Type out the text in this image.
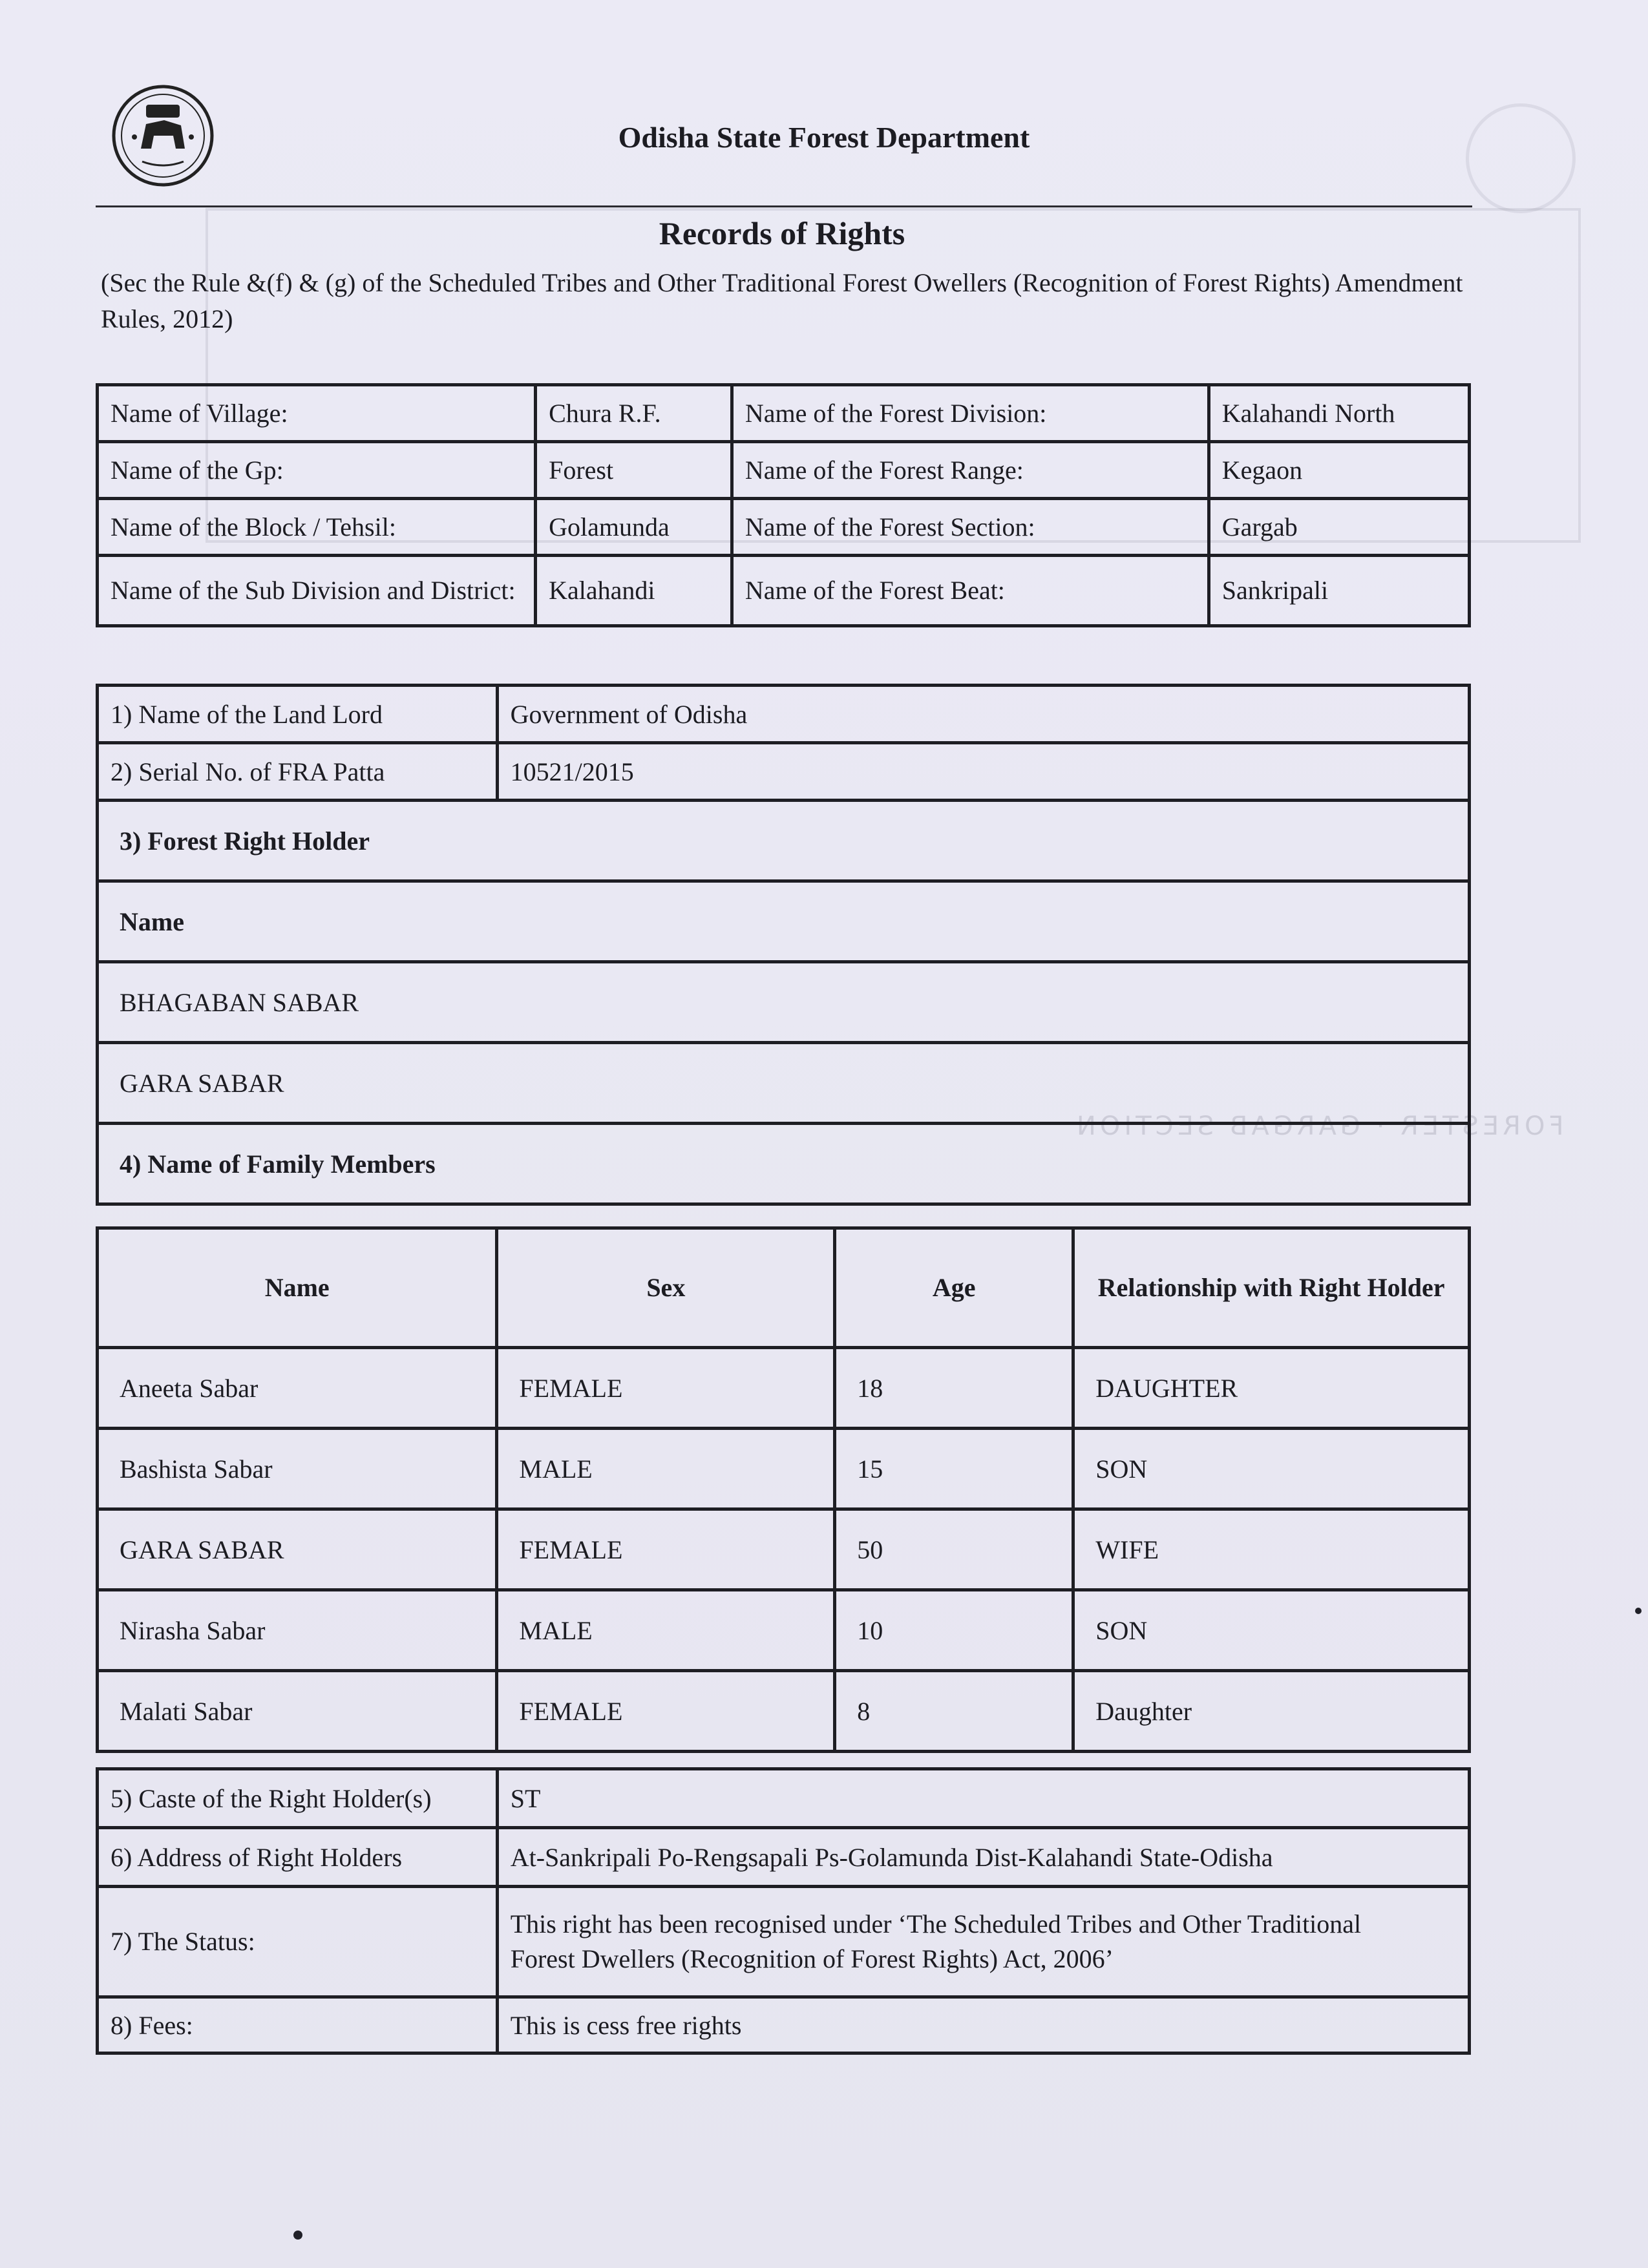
FORESTER · GARGAB SECTION
Odisha State Forest Department
Records of Rights
(Sec the Rule &(f) & (g) of the Scheduled Tribes and Other Traditional Forest Owellers (Recognition of Forest Rights) Amendment Rules, 2012)
Name of Village:	Chura R.F.	Name of the Forest Division:	Kalahandi North
Name of the Gp:	Forest	Name of the Forest Range:	Kegaon
Name of the Block / Tehsil:	Golamunda	Name of the Forest Section:	Gargab
Name of the Sub Division and District:	Kalahandi	Name of the Forest Beat:	Sankripali
1) Name of the Land Lord	Government of Odisha
2) Serial No. of FRA Patta	10521/2015
3) Forest Right Holder	
Name	
BHAGABAN SABAR	
GARA SABAR	
4) Name of Family Members	
Name	Sex	Age	Relationship with Right Holder
Aneeta Sabar	FEMALE	18	DAUGHTER
Bashista Sabar	MALE	15	SON
GARA SABAR	FEMALE	50	WIFE
Nirasha Sabar	MALE	10	SON
Malati Sabar	FEMALE	8	Daughter
5) Caste of the Right Holder(s)	ST
6) Address of Right Holders	At-Sankripali Po-Rengsapali Ps-Golamunda Dist-Kalahandi State-Odisha
7) The Status:	This right has been recognised under ‘The Scheduled Tribes and Other Traditional
Forest Dwellers (Recognition of Forest Rights) Act, 2006’

8) Fees:	This is cess free rights
